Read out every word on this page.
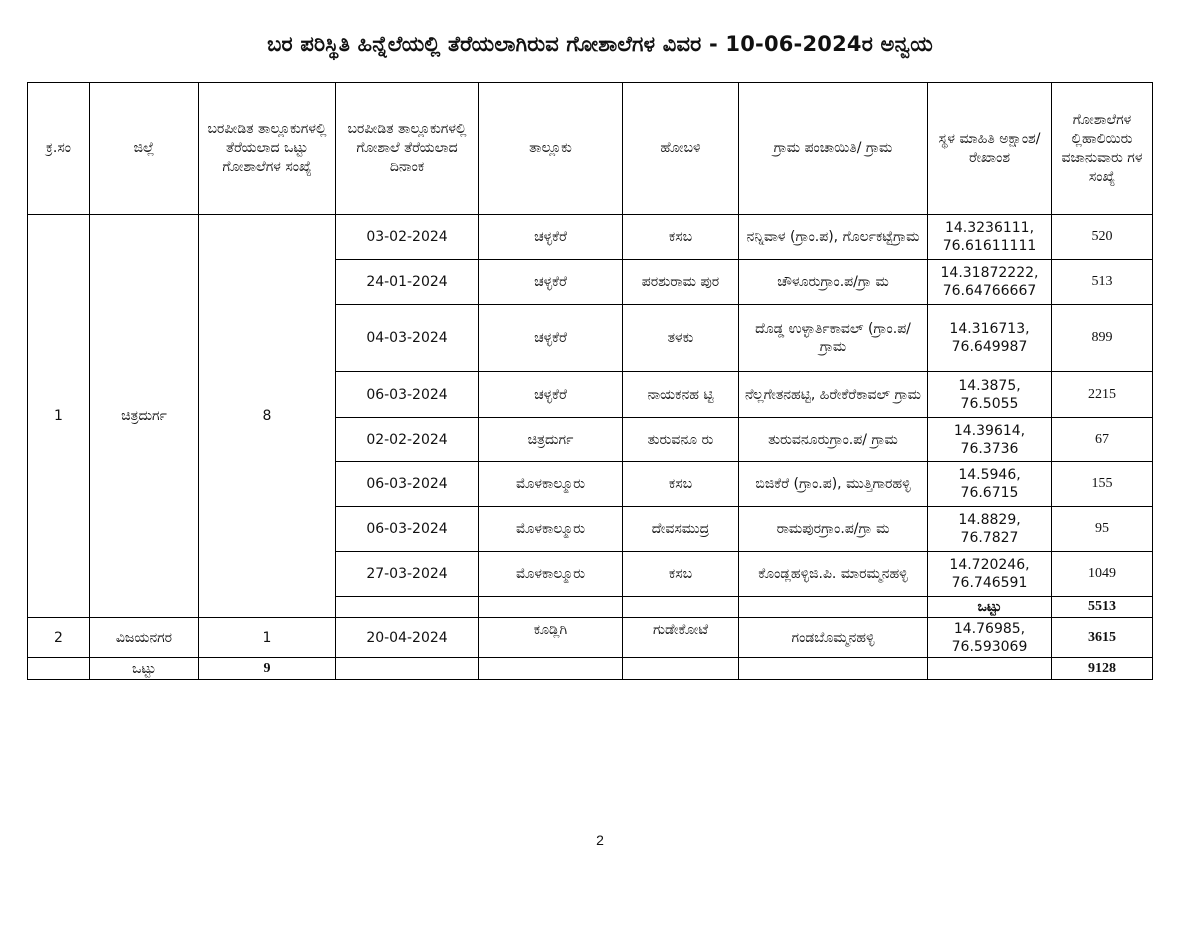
ಬರ ಪರಿಸ್ಥಿತಿ ಹಿನ್ನೆಲೆಯಲ್ಲಿ ತೆರೆಯಲಾಗಿರುವ ಗೋಶಾಲೆಗಳ ವಿವರ - 10-06-2024ರ ಅನ್ವಯ
ಕ್ರ.ಸಂ	ಜಿಲ್ಲೆ	ಬರಪೀಡಿತ ತಾಲ್ಲೂಕುಗಳಲ್ಲಿ ತೆರೆಯಲಾದ ಒಟ್ಟು ಗೋಶಾಲೆಗಳ ಸಂಖ್ಯೆ	ಬರಪೀಡಿತ ತಾಲ್ಲೂಕುಗಳಲ್ಲಿ ಗೋಶಾಲೆ ತೆರೆಯಲಾದ ದಿನಾಂಕ	ತಾಲ್ಲೂಕು	ಹೋಬಳಿ	ಗ್ರಾಮ ಪಂಚಾಯಿತಿ/ ಗ್ರಾಮ	ಸ್ಥಳ ಮಾಹಿತಿ ಅಕ್ಷಾಂಶ/ ರೇಖಾಂಶ	ಗೋಶಾಲೆಗಳ ಲ್ಲಿಹಾಲಿಯಿರು ವಜಾನುವಾರು ಗಳ ಸಂಖ್ಯೆ
1	ಚಿತ್ರದುರ್ಗ	8	03-02-2024	ಚಳ್ಳಕೆರೆ	ಕಸಬ	ನನ್ನಿವಾಳ (ಗ್ರಾಂ.ಪ), ಗೊರ್ಲಕಟ್ಟೆಗ್ರಾಮ	14.3236111, 76.61611111	520
			24-01-2024	ಚಳ್ಳಕೆರೆ	ಪರಶುರಾಮ ಪುರ	ಚೌಳೂರುಗ್ರಾಂ.ಪ/ಗ್ರಾ ಮ	14.31872222, 76.64766667	513
			04-03-2024	ಚಳ್ಳಕೆರೆ	ತಳಕು	ದೊಡ್ಡ ಉಳ್ಳಾರ್ತಿಕಾವಲ್ (ಗ್ರಾಂ.ಪ/ಗ್ರಾಮ	14.316713, 76.649987	899
			06-03-2024	ಚಳ್ಳಕೆರೆ	ನಾಯಕನಹ ಟ್ಟಿ	ನೆಲ್ಲಗೇತನಹಟ್ಟಿ, ಹಿರೇಕೆರೆಕಾವಲ್ ಗ್ರಾಮ	14.3875, 76.5055	2215
			02-02-2024	ಚಿತ್ರದುರ್ಗ	ತುರುವನೂ ರು	ತುರುವನೂರುಗ್ರಾಂ.ಪ/ ಗ್ರಾಮ	14.39614, 76.3736	67
			06-03-2024	ಮೊಳಕಾಲ್ಮೂರು	ಕಸಬ	ಬಿಜಿಕೆರೆ (ಗ್ರಾಂ.ಪ), ಮುತ್ತಿಗಾರಹಳ್ಳಿ	14.5946, 76.6715	155
			06-03-2024	ಮೊಳಕಾಲ್ಮೂರು	ದೇವಸಮುದ್ರ	ರಾಮಪುರಗ್ರಾಂ.ಪ/ಗ್ರಾ ಮ	14.8829, 76.7827	95
			27-03-2024	ಮೊಳಕಾಲ್ಮೂರು	ಕಸಬ	ಕೊಂಡ್ಲಹಳ್ಳಿಜಿ.ಪಿ. ಮಾರಮ್ಮನಹಳ್ಳಿ	14.720246, 76.746591	1049
							ಒಟ್ಟು	5513
2	ವಿಜಯನಗರ	1	20-04-2024	ಕೂಡ್ಲಿಗಿ	ಗುಡೇಕೋಟೆ	ಗಂಡಬೊಮ್ಮನಹಳ್ಳಿ	14.76985, 76.593069	3615
	ಒಟ್ಟು	9						9128
2
